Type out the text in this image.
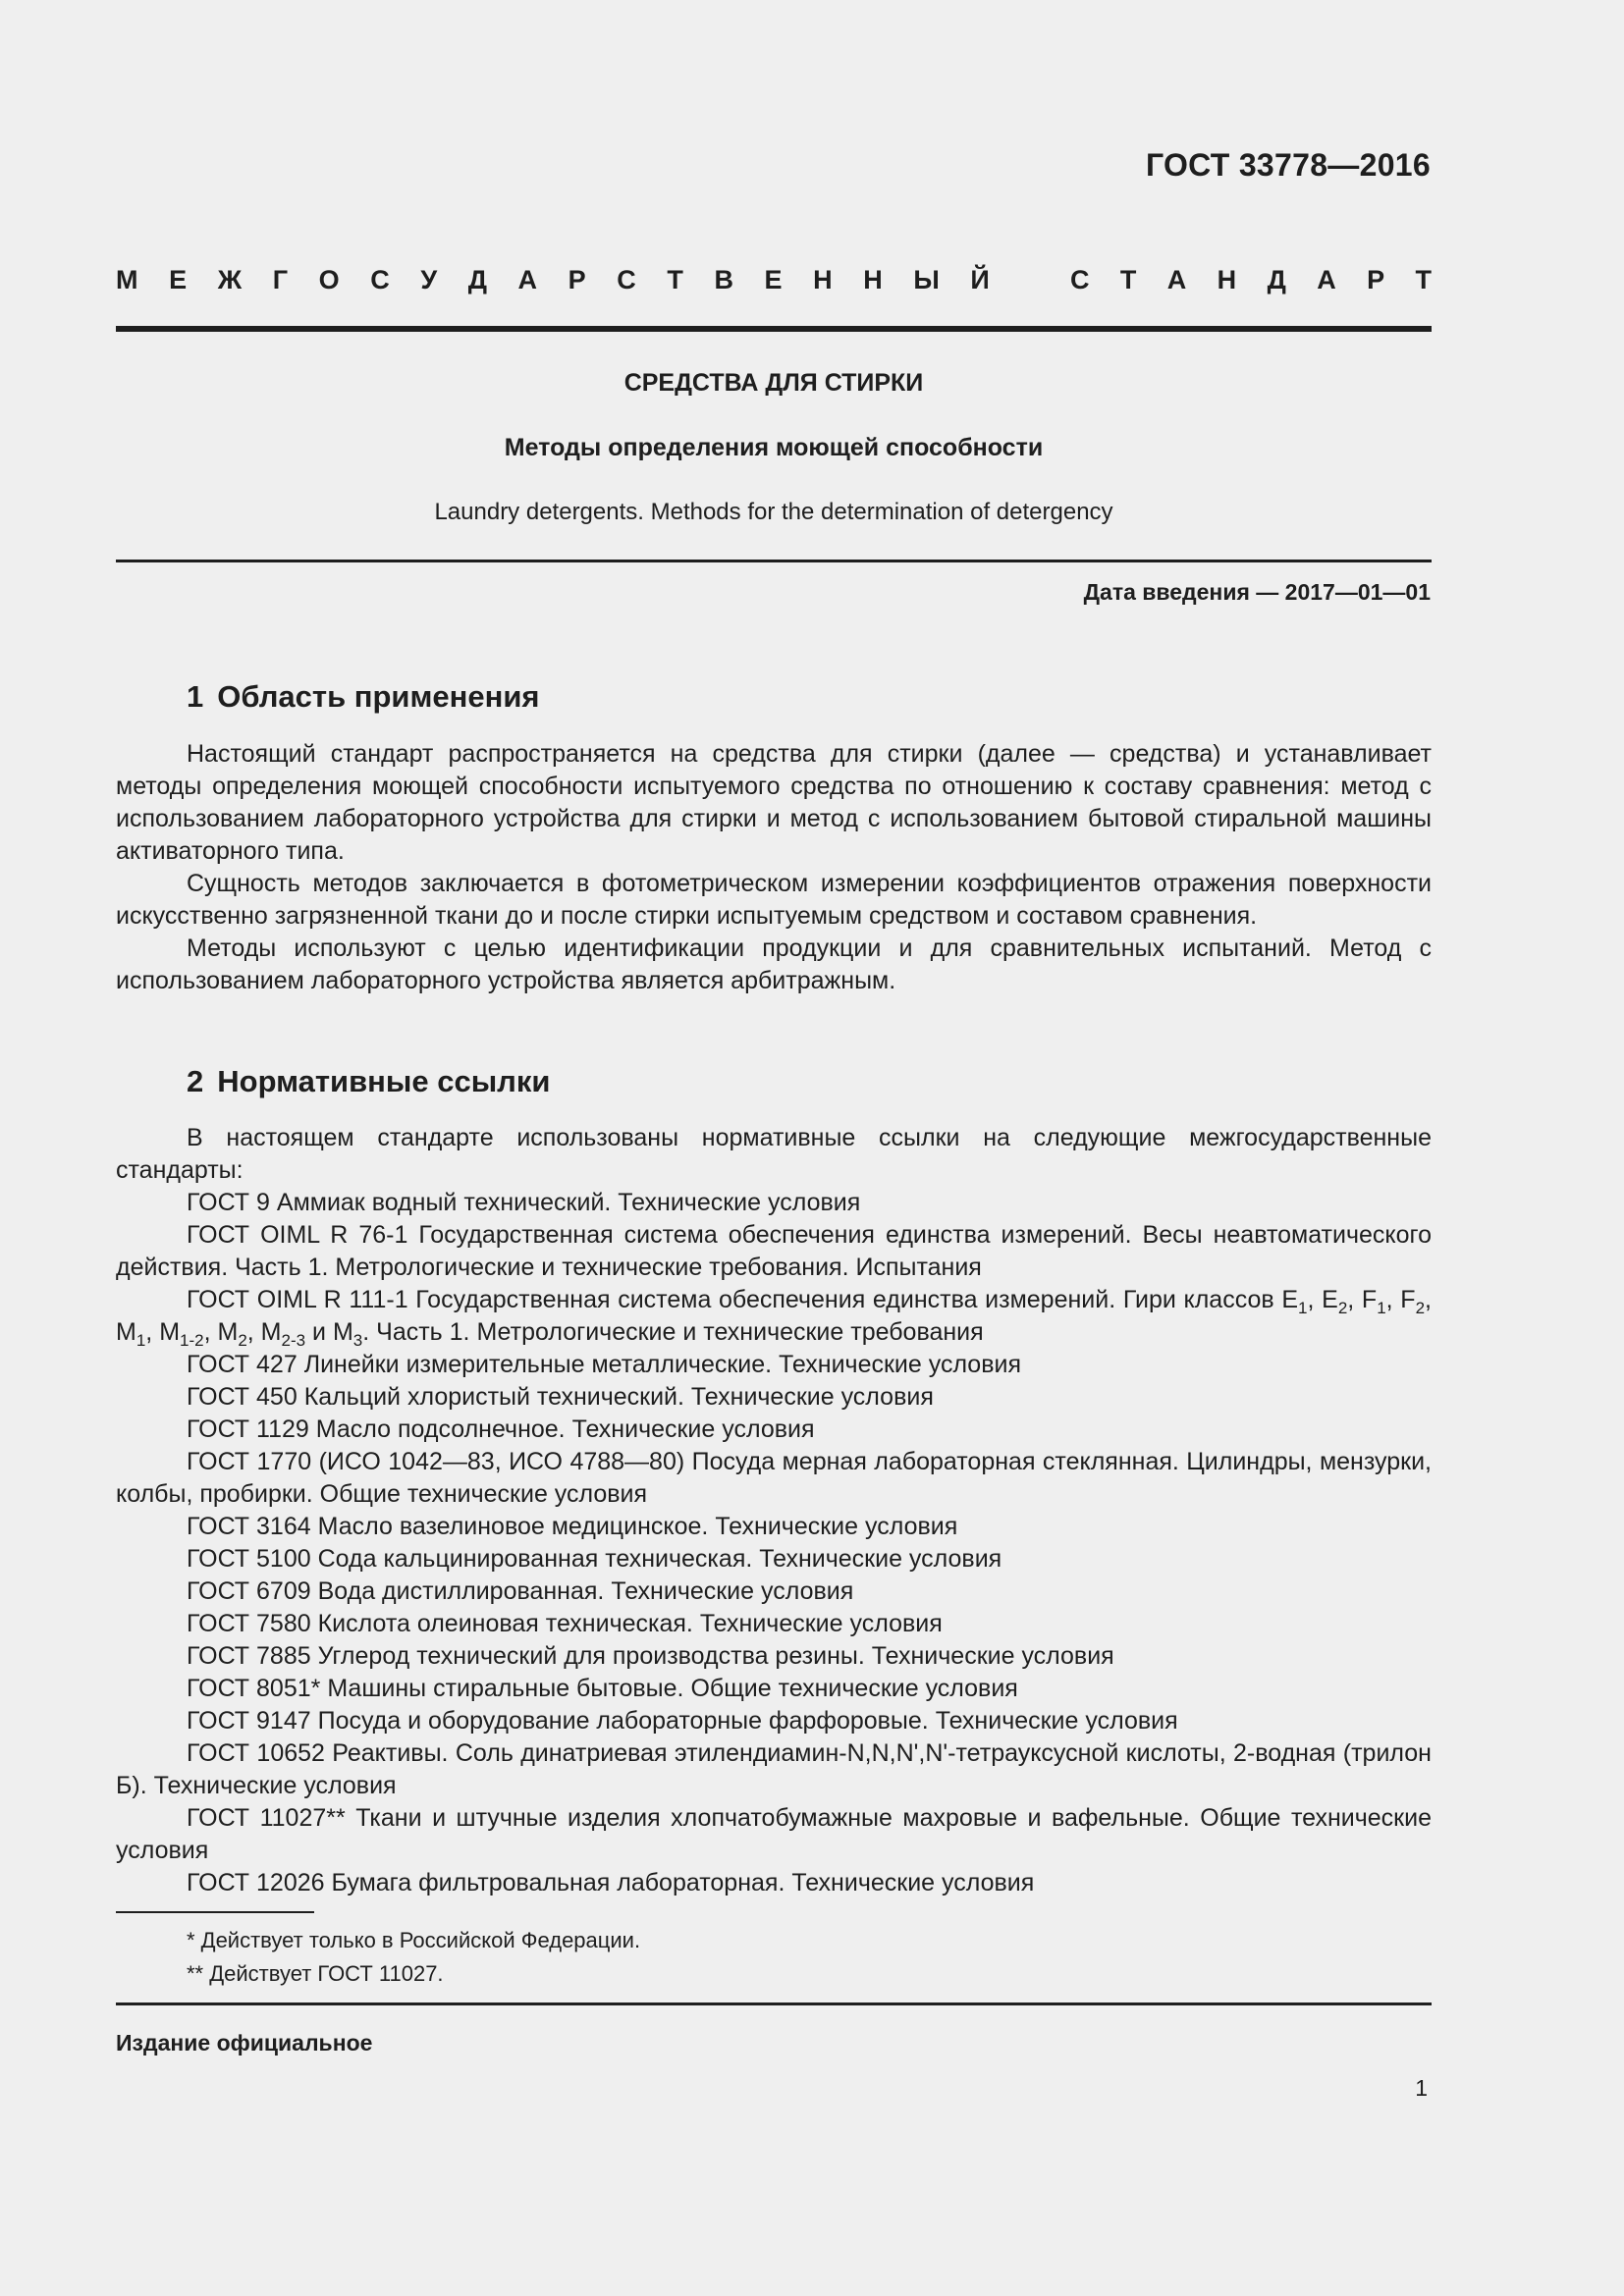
ГОСТ 33778—2016
М Е Ж Г О С У Д А Р С Т В Е Н Н Ы Й	С Т А Н Д А Р Т
СРЕДСТВА ДЛЯ СТИРКИ
Методы определения моющей способности
Laundry detergents. Methods for the determination of detergency
Дата введения — 2017—01—01
1 Область применения

Настоящий стандарт распространяется на средства для стирки (далее — средства) и устанавливает методы определения моющей способности испытуемого средства по отношению к составу сравнения: метод с использованием лабораторного устройства для стирки и метод с использованием бытовой стиральной машины активаторного типа.

Сущность методов заключается в фотометрическом измерении коэффициентов отражения поверхности искусственно загрязненной ткани до и после стирки испытуемым средством и составом сравнения.

Методы используют с целью идентификации продукции и для сравнительных испытаний. Метод с использованием лабораторного устройства является арбитражным.

2 Нормативные ссылки

В настоящем стандарте использованы нормативные ссылки на следующие межгосударственные стандарты:

ГОСТ 9 Аммиак водный технический. Технические условия

ГОСТ OIML R 76-1 Государственная система обеспечения единства измерений. Весы неавтоматического действия. Часть 1. Метрологические и технические требования. Испытания

ГОСТ OIML R 111-1 Государственная система обеспечения единства измерений. Гири классов $E_1$, $E_2$, $F_1$, $F_2$, $M_1$, $M_{1-2}$, $M_2$, $M_{2-3}$ и $M_3$. Часть 1. Метрологические и технические требования

ГОСТ 427 Линейки измерительные металлические. Технические условия

ГОСТ 450 Кальций хлористый технический. Технические условия

ГОСТ 1129 Масло подсолнечное. Технические условия

ГОСТ 1770 (ИСО 1042—83, ИСО 4788—80) Посуда мерная лабораторная стеклянная. Цилиндры, мензурки, колбы, пробирки. Общие технические условия

ГОСТ 3164 Масло вазелиновое медицинское. Технические условия

ГОСТ 5100 Сода кальцинированная техническая. Технические условия

ГОСТ 6709 Вода дистиллированная. Технические условия

ГОСТ 7580 Кислота олеиновая техническая. Технические условия

ГОСТ 7885 Углерод технический для производства резины. Технические условия

ГОСТ 8051* Машины стиральные бытовые. Общие технические условия

ГОСТ 9147 Посуда и оборудование лабораторные фарфоровые. Технические условия

ГОСТ 10652 Реактивы. Соль динатриевая этилендиамин-N,N,N',N'-тетрауксусной кислоты, 2-водная (трилон Б). Технические условия

ГОСТ 11027** Ткани и штучные изделия хлопчатобумажные махровые и вафельные. Общие технические условия

ГОСТ 12026 Бумага фильтровальная лабораторная. Технические условия

* Действует только в Российской Федерации.
** Действует ГОСТ 11027.
Издание официальное
1
